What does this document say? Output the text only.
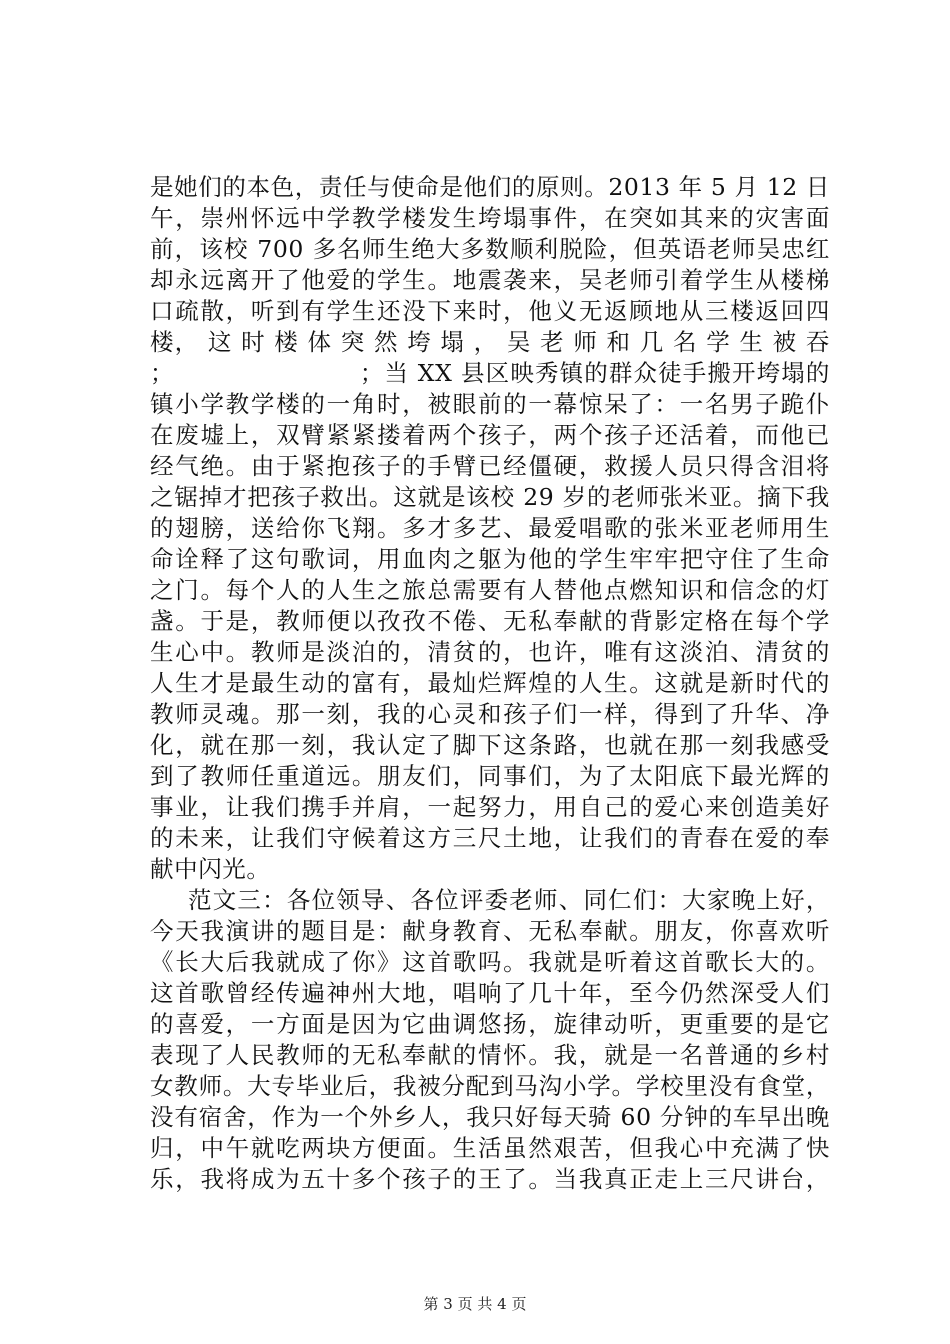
是她们的本色，责任与使命是他们的原则。2013 年 5 月 12 日
午，崇州怀远中学教学楼发生垮塌事件，在突如其来的灾害面
前，该校 700 多名师生绝大多数顺利脱险，但英语老师吴忠红
却永远离开了他爱的学生。地震袭来，吴老师引着学生从楼梯
口疏散，听到有学生还没下来时，他义无返顾地从三楼返回四
楼， 这 时 楼 体 突 然 垮 塌 ， 吴 老 师 和 几 名 学 生 被 吞
；　　　　　　　　；当 XX 县区映秀镇的群众徒手搬开垮塌的
镇小学教学楼的一角时，被眼前的一幕惊呆了：一名男子跪仆
在废墟上，双臂紧紧搂着两个孩子，两个孩子还活着，而他已
经气绝。由于紧抱孩子的手臂已经僵硬，救援人员只得含泪将
之锯掉才把孩子救出。这就是该校 29 岁的老师张米亚。摘下我
的翅膀，送给你飞翔。多才多艺、最爱唱歌的张米亚老师用生
命诠释了这句歌词，用血肉之躯为他的学生牢牢把守住了生命
之门。每个人的人生之旅总需要有人替他点燃知识和信念的灯
盏。于是，教师便以孜孜不倦、无私奉献的背影定格在每个学
生心中。教师是淡泊的，清贫的，也许，唯有这淡泊、清贫的
人生才是最生动的富有，最灿烂辉煌的人生。这就是新时代的
教师灵魂。那一刻，我的心灵和孩子们一样，得到了升华、净
化，就在那一刻，我认定了脚下这条路，也就在那一刻我感受
到了教师任重道远。朋友们，同事们，为了太阳底下最光辉的
事业，让我们携手并肩，一起努力，用自己的爱心来创造美好
的未来，让我们守候着这方三尺土地，让我们的青春在爱的奉
献中闪光。
范文三：各位领导、各位评委老师、同仁们：大家晚上好，
今天我演讲的题目是：献身教育、无私奉献。朋友，你喜欢听
《长大后我就成了你》这首歌吗。我就是听着这首歌长大的。
这首歌曾经传遍神州大地，唱响了几十年，至今仍然深受人们
的喜爱，一方面是因为它曲调悠扬，旋律动听，更重要的是它
表现了人民教师的无私奉献的情怀。我，就是一名普通的乡村
女教师。大专毕业后，我被分配到马沟小学。学校里没有食堂，
没有宿舍，作为一个外乡人，我只好每天骑 60 分钟的车早出晚
归，中午就吃两块方便面。生活虽然艰苦，但我心中充满了快
乐，我将成为五十多个孩子的王了。当我真正走上三尺讲台，
第 3 页 共 4 页
